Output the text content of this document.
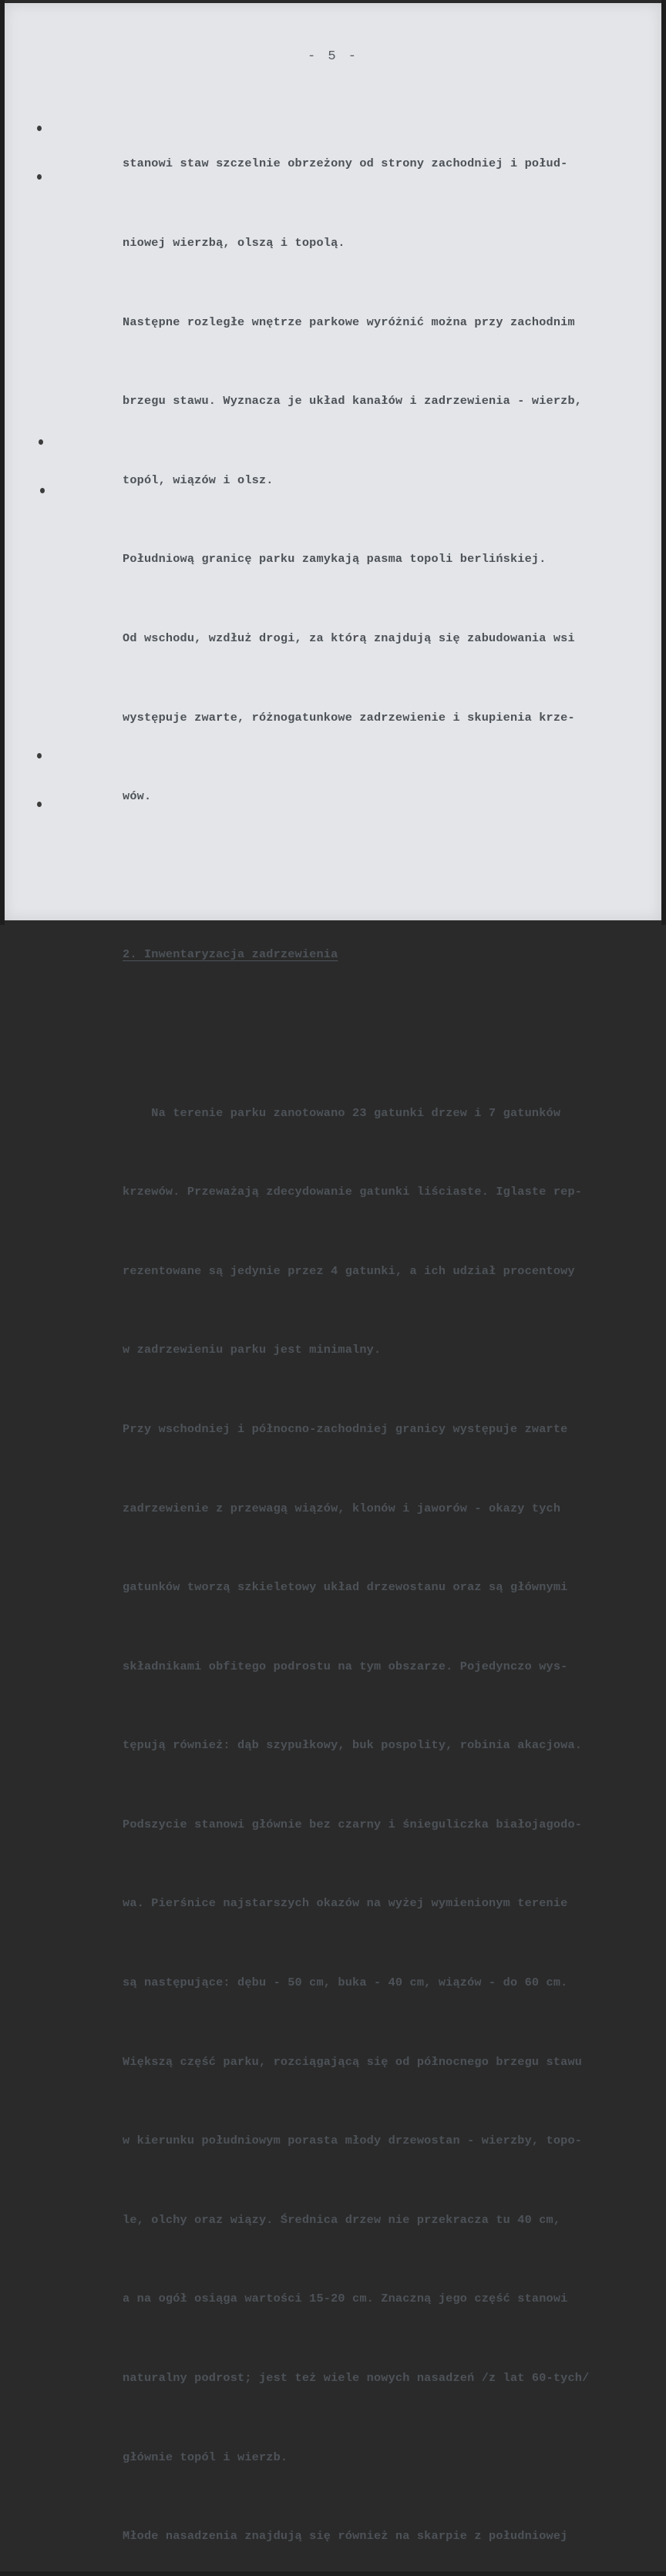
- 5 -

stanowi staw szczelnie obrzeżony od strony zachodniej i połud-

niowej wierzbą, olszą i topolą.

Następne rozległe wnętrze parkowe wyróżnić można przy zachodnim

brzegu stawu. Wyznacza je układ kanałów i zadrzewienia - wierzb,

topól, wiązów i olsz.

Południową granicę parku zamykają pasma topoli berlińskiej.

Od wschodu, wzdłuż drogi, za którą znajdują się zabudowania wsi

występuje zwarte, różnogatunkowe zadrzewienie i skupienia krze-

wów.

2. Inwentaryzacja zadrzewienia

Na terenie parku zanotowano 23 gatunki drzew i 7 gatunków

krzewów. Przeważają zdecydowanie gatunki liściaste. Iglaste rep-

rezentowane są jedynie przez 4 gatunki, a ich udział procentowy

w zadrzewieniu parku jest minimalny.

Przy wschodniej i północno-zachodniej granicy występuje zwarte

zadrzewienie z przewagą wiązów, klonów i jaworów - okazy tych

gatunków tworzą szkieletowy układ drzewostanu oraz są głównymi

składnikami obfitego podrostu na tym obszarze. Pojedynczo wys-

tępują również: dąb szypułkowy, buk pospolity, robinia akacjowa.

Podszycie stanowi głównie bez czarny i śnieguliczka białojagodo-

wa. Pierśnice najstarszych okazów na wyżej wymienionym terenie

są następujące: dębu - 50 cm, buka - 40 cm, wiązów - do 60 cm.

Większą część parku, rozciągającą się od północnego brzegu stawu

w kierunku południowym porasta młody drzewostan - wierzby, topo-

le, olchy oraz wiązy. Średnica drzew nie przekracza tu 40 cm,

a na ogół osiąga wartości 15-20 cm. Znaczną jego część stanowi

naturalny podrost; jest też wiele nowych nasadzeń /z lat 60-tych/

głównie topól i wierzb.

Młode nasadzenia znajdują się również na skarpie z południowej
